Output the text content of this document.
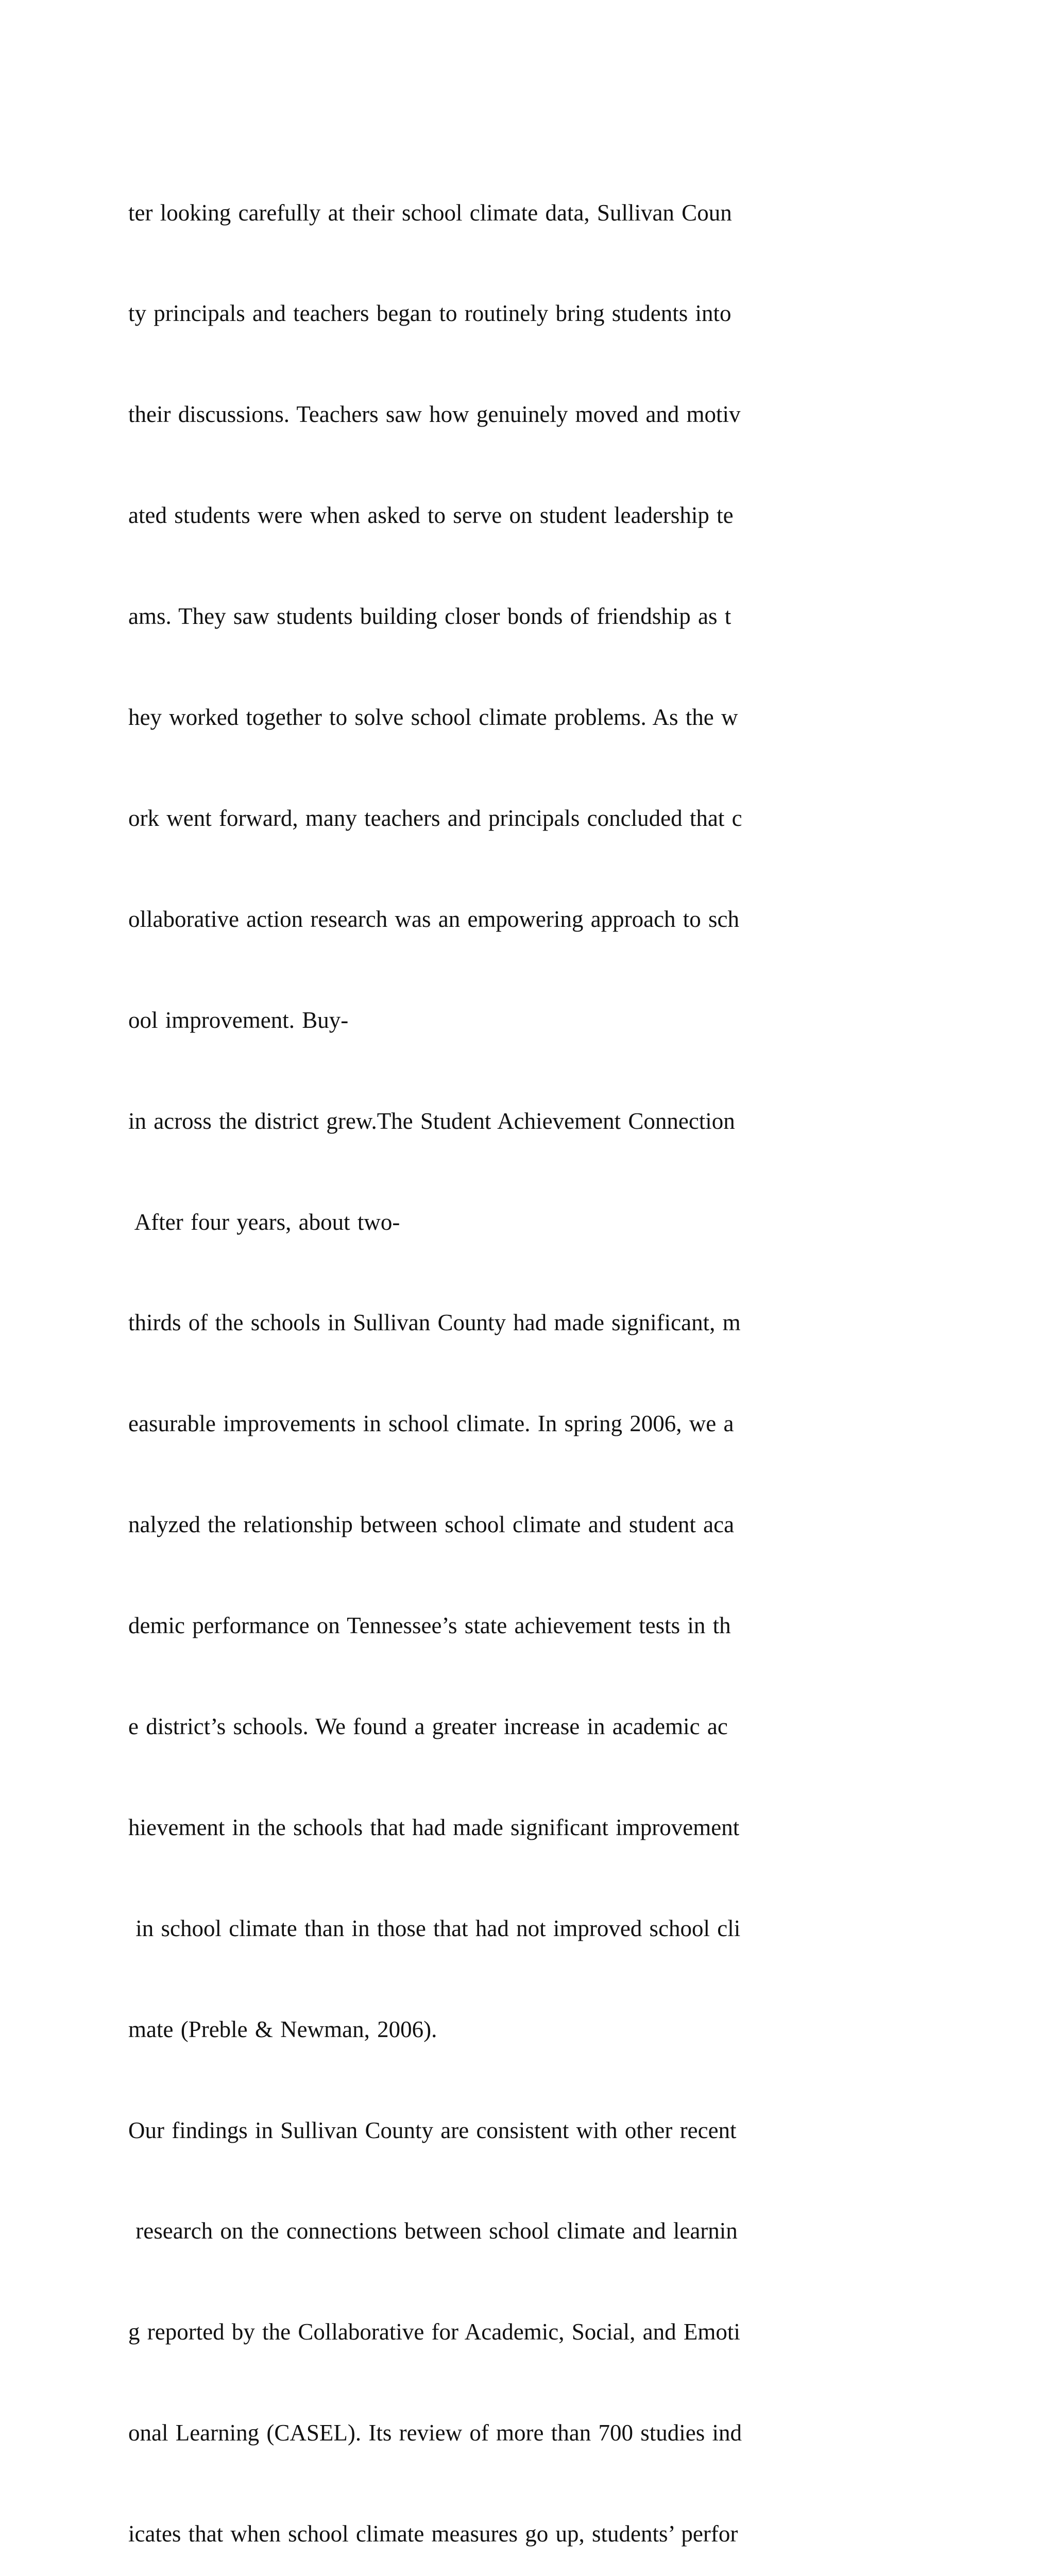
ter looking carefully at their school climate data, Sullivan Coun

ty principals and teachers began to routinely bring students into

their discussions. Teachers saw how genuinely moved and motiv

ated students were when asked to serve on student leadership te

ams. They saw students building closer bonds of friendship as t

hey worked together to solve school climate problems. As the w

ork went forward, many teachers and principals concluded that c

ollaborative action research was an empowering approach to sch

ool improvement. Buy-

in across the district grew.The Student Achievement Connection

After four years, about two-

thirds of the schools in Sullivan County had made significant, m

easurable improvements in school climate. In spring 2006, we a

nalyzed the relationship between school climate and student aca

demic performance on Tennessee’s state achievement tests in th

e district’s schools. We found a greater increase in academic ac

hievement in the schools that had made significant improvement

in school climate than in those that had not improved school cli

mate (Preble & Newman, 2006).

Our findings in Sullivan County are consistent with other recent

research on the connections between school climate and learnin

g reported by the Collaborative for Academic, Social, and Emoti

onal Learning (CASEL). Its review of more than 700 studies ind

icates that when school climate measures go up, students’ perfor
